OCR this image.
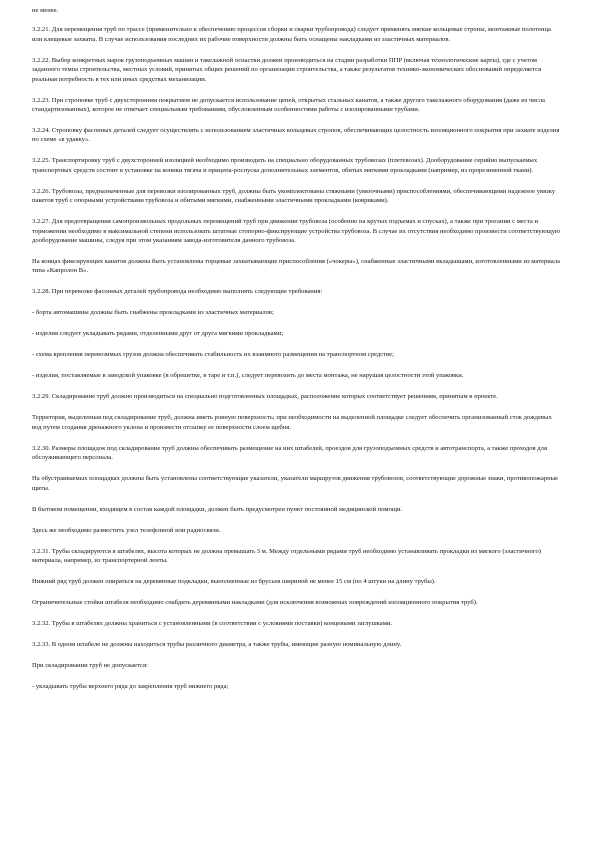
не менее.

3.2.21. Для перемещения труб по трассе (применительно к обеспечению процессов сборки и сварки трубопровода) следует применять мягкие кольцевые стропы, монтажные полотенца или клещевые захваты. В случае использования последних их рабочие поверхности должны быть оснащены накладками из эластичных материалов.

3.2.22. Выбор конкретных марок грузоподъемных машин и такелажной оснастки должен производиться на стадии разработки ППР (включая технологические карты), где с учетом заданного темпа строительства, местных условий, принятых общих решений по организации строительства, а также результатов технико-экономических обоснований определяется реальная потребность в тех или иных средствах механизации.

3.2.23. При строповке труб с двухсторонним покрытием не допускается использование цепей, открытых стальных канатов, а также другого такелажного оборудования (даже из числа стандартизованных), которое не отвечает специальным требованиям, обусловленным особенностями работы с изолированными трубами.

3.2.24. Строповку фасонных деталей следует осуществлять с использованием эластичных кольцевых стропов, обеспечивающих целостность изоляционного покрытия при захвате изделия по схеме «в удавку».

3.2.25. Транспортировку труб с двухсторонней изоляцией необходимо производить на специально оборудованных трубовозах (плетевозах). Дооборудование серийно выпускаемых транспортных средств состоит в установке на коники тягача и прицепа-роспуска дополнительных элементов, обитых мягкими прокладками (например, из прорезиненной ткани).

3.2.26. Трубовозы, предназначенные для перевозки изолированных труб, должны быть укомплектованы стяжными (увязочными) приспособлениями, обеспечивающими надежное увязку пакетов труб с опорными устройствами трубовоза и обитыми мягкими, снабженными эластичными прокладками (ковриками).

3.2.27. Для предотвращения самопроизвольных продольных перемещений труб при движении трубовоза (особенно на крутых подъемах и спусках), а также при трогании с места и торможении необходимо в максимальной степени использовать штатные стопорно-фиксирующие устройства трубовоза. В случае их отсутствия необходимо произвести соответствующую дооборудование машины, следуя при этом указаниям завода-изготовителя данного трубовоза.

На концах фиксирующих канатов должны быть установлены торцевые захватывающие приспособления («чокеры»), снабженные эластичными вкладышами, изготовленными из материала типа «Капролон В».

3.2.28. При перевозке фасонных деталей трубопровода необходимо выполнять следующие требования:

- борта автомашины должны быть снабжены прокладками из эластичных материалов;

- изделия следует укладывать рядами, отделенными друг от друга мягкими прокладками;

- схема крепления перевозимых грузов должна обеспечивать стабильность их взаимного размещения на транспортном средстве;

- изделия, поставляемые в заводской упаковке (в обрешетке, в таре и т.п.), следует перевозить до места монтажа, не нарушая целостности этой упаковки.

3.2.29. Складирование труб должно производиться на специально подготовленных площадках, расположение которых соответствует решениям, принятым в проекте.

Территория, выделенная под складирование труб, должна иметь ровную поверхность; при необходимости на выделенной площадке следует обеспечить организованный сток дождевых вод путем создания дренажного уклона и произвести отсыпку ее поверхности слоем щебня.

3.2.30. Размеры площадок под складирование труб должны обеспечивать размещение на них штабелей, проездов для грузоподъемных средств и автотранспорта, а также проходов для обслуживающего персонала.

На обустраиваемых площадках должны быть установлены соответствующие указатели, указатели маршрутов движения трубовозов, соответствующие дорожные знаки, противопожарные щиты.

В бытовом помещении, входящем в состав каждой площадки, должен быть предусмотрен пункт постоянной медицинской помощи.

Здесь же необходимо разместить узел телефонной или радиосвязи.

3.2.31. Трубы складируются в штабелях, высота которых не должна превышать 3 м. Между отдельными рядами труб необходимо устанавливать прокладки из мягкого (эластичного) материала, например, из транспортерной ленты.

Нижний ряд труб должен опираться на деревянные подкладки, выполненные из брусьев шириной не менее 15 см (по 4 штуки на длину трубы).

Ограничительные стойки штабеля необходимо снабдить деревянными накладками (для исключения возможных повреждений изоляционного покрытия труб).

3.2.32. Трубы в штабелях должны храниться с установленными (в соответствии с условиями поставки) концевыми заглушками.

3.2.33. В одном штабеле не должны находиться трубы различного диаметра, а также трубы, имеющие разную номинальную длину.

При складировании труб не допускается:

- укладывать трубы верхнего ряда до закрепления труб нижнего ряда;
